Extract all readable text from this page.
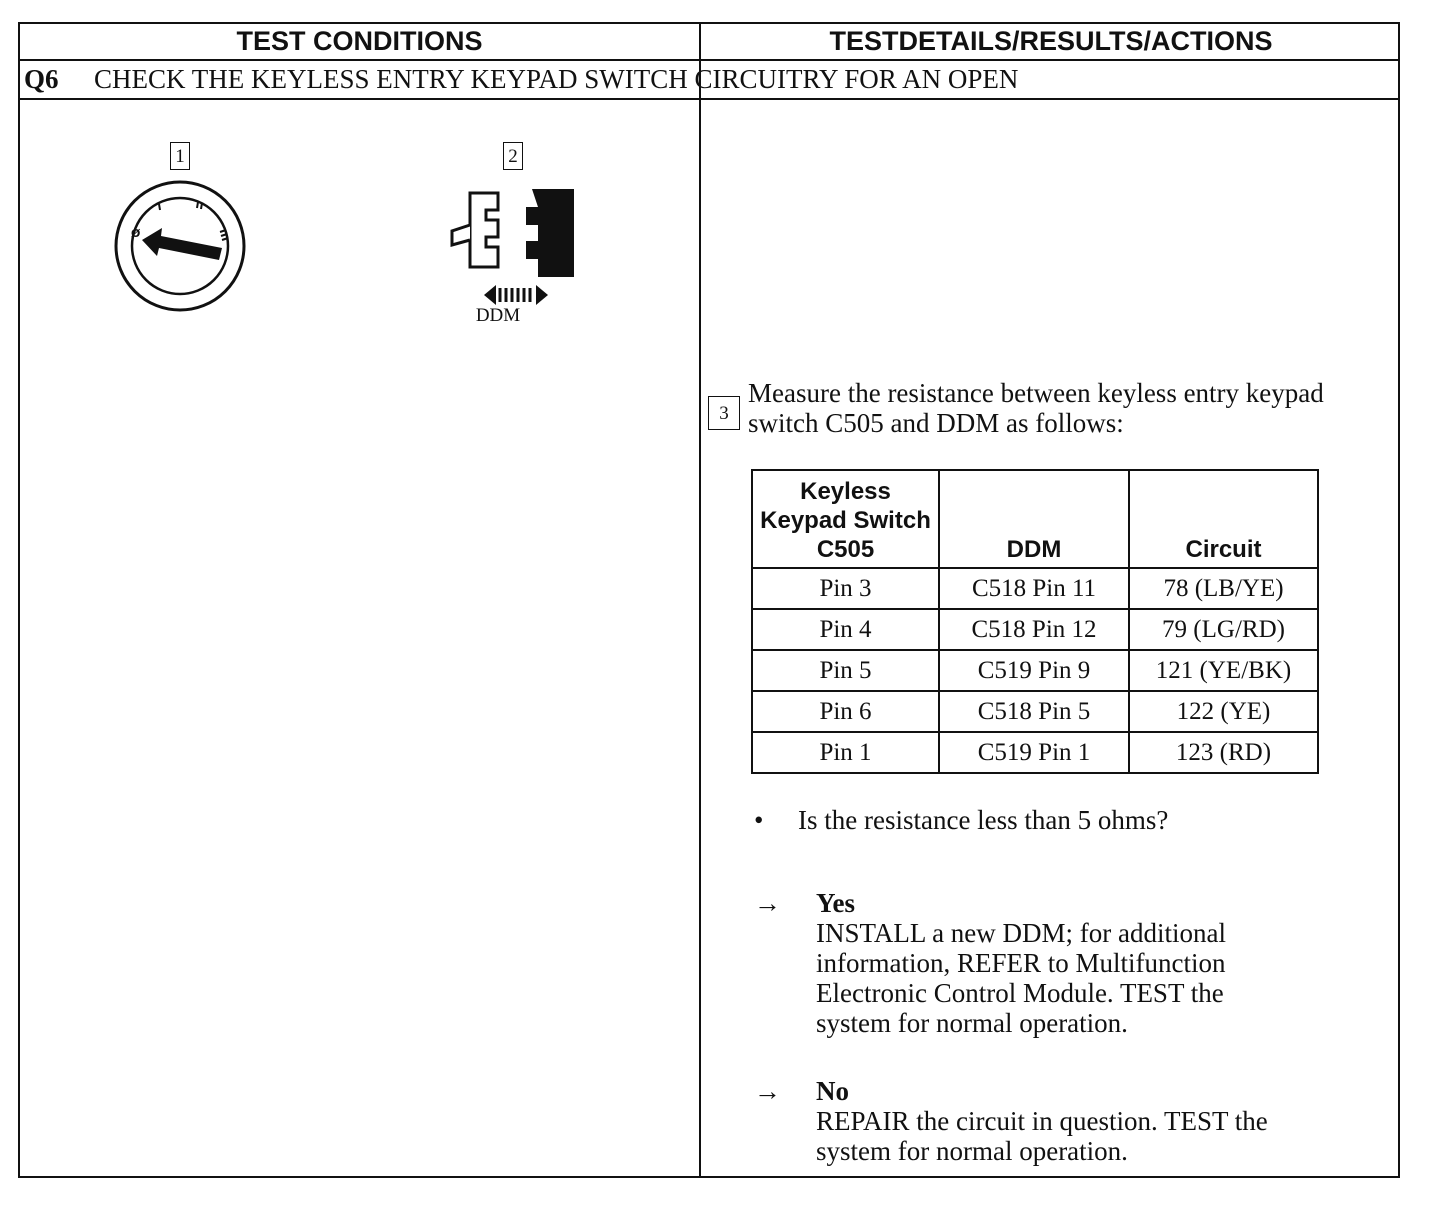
TEST CONDITIONS	TESTDETAILS/RESULTS/ACTIONS
Q6 CHECK THE KEYLESS ENTRY KEYPAD SWITCH CIRCUITRY FOR AN OPEN
1
Ø
2
DDM
3
Measure the resistance between keyless entry keypad switch C505 and DDM as follows:
Keyless Keypad Switch C505	DDM	Circuit
Pin 3	C518 Pin 11	78 (LB/YE)
Pin 4	C518 Pin 12	79 (LG/RD)
Pin 5	C519 Pin 9	121 (YE/BK)
Pin 6	C518 Pin 5	122 (YE)
Pin 1	C519 Pin 1	123 (RD)
• Is the resistance less than 5 ohms?
→	Yes
INSTALL a new DDM; for additional
information, REFER to Multifunction
Electronic Control Module. TEST the
system for normal operation.
→	No
REPAIR the circuit in question. TEST the
system for normal operation.
